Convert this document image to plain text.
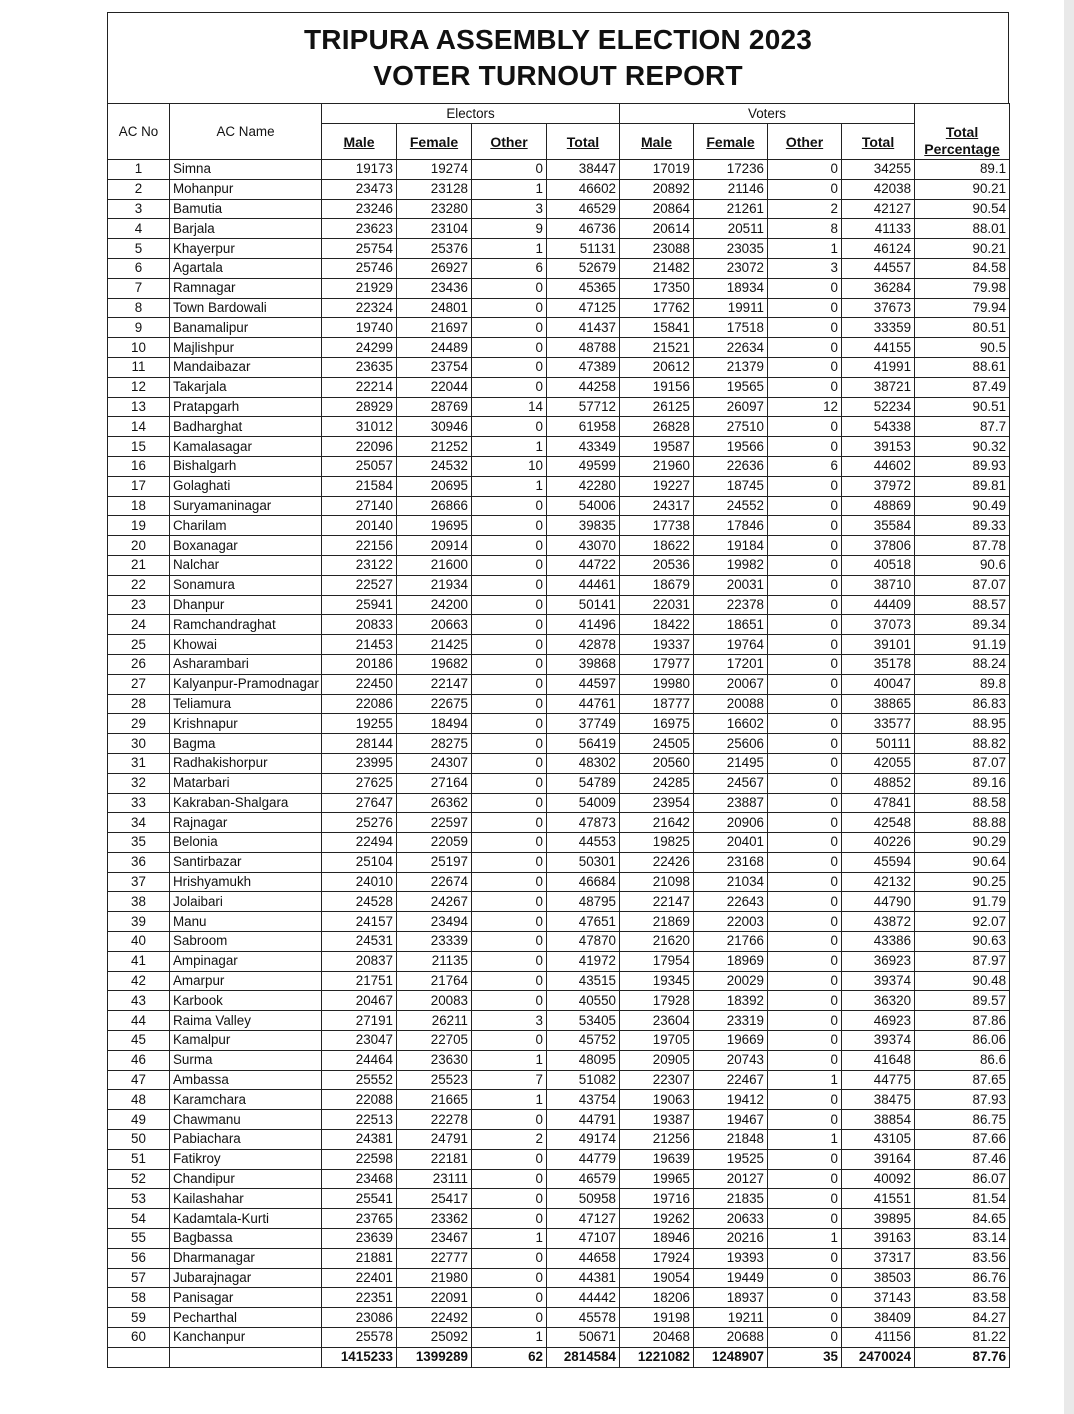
TRIPURA ASSEMBLY ELECTION 2023
VOTER TURNOUT REPORT
AC No	AC Name	Electors				Voters				
		Male	Female	Other	Total	Male	Female	Other	Total	Total Percentage
1	Simna	19173	19274	0	38447	17019	17236	0	34255	89.1
2	Mohanpur	23473	23128	1	46602	20892	21146	0	42038	90.21
3	Bamutia	23246	23280	3	46529	20864	21261	2	42127	90.54
4	Barjala	23623	23104	9	46736	20614	20511	8	41133	88.01
5	Khayerpur	25754	25376	1	51131	23088	23035	1	46124	90.21
6	Agartala	25746	26927	6	52679	21482	23072	3	44557	84.58
7	Ramnagar	21929	23436	0	45365	17350	18934	0	36284	79.98
8	Town Bardowali	22324	24801	0	47125	17762	19911	0	37673	79.94
9	Banamalipur	19740	21697	0	41437	15841	17518	0	33359	80.51
10	Majlishpur	24299	24489	0	48788	21521	22634	0	44155	90.5
11	Mandaibazar	23635	23754	0	47389	20612	21379	0	41991	88.61
12	Takarjala	22214	22044	0	44258	19156	19565	0	38721	87.49
13	Pratapgarh	28929	28769	14	57712	26125	26097	12	52234	90.51
14	Badharghat	31012	30946	0	61958	26828	27510	0	54338	87.7
15	Kamalasagar	22096	21252	1	43349	19587	19566	0	39153	90.32
16	Bishalgarh	25057	24532	10	49599	21960	22636	6	44602	89.93
17	Golaghati	21584	20695	1	42280	19227	18745	0	37972	89.81
18	Suryamaninagar	27140	26866	0	54006	24317	24552	0	48869	90.49
19	Charilam	20140	19695	0	39835	17738	17846	0	35584	89.33
20	Boxanagar	22156	20914	0	43070	18622	19184	0	37806	87.78
21	Nalchar	23122	21600	0	44722	20536	19982	0	40518	90.6
22	Sonamura	22527	21934	0	44461	18679	20031	0	38710	87.07
23	Dhanpur	25941	24200	0	50141	22031	22378	0	44409	88.57
24	Ramchandraghat	20833	20663	0	41496	18422	18651	0	37073	89.34
25	Khowai	21453	21425	0	42878	19337	19764	0	39101	91.19
26	Asharambari	20186	19682	0	39868	17977	17201	0	35178	88.24
27	Kalyanpur-Pramodnagar	22450	22147	0	44597	19980	20067	0	40047	89.8
28	Teliamura	22086	22675	0	44761	18777	20088	0	38865	86.83
29	Krishnapur	19255	18494	0	37749	16975	16602	0	33577	88.95
30	Bagma	28144	28275	0	56419	24505	25606	0	50111	88.82
31	Radhakishorpur	23995	24307	0	48302	20560	21495	0	42055	87.07
32	Matarbari	27625	27164	0	54789	24285	24567	0	48852	89.16
33	Kakraban-Shalgara	27647	26362	0	54009	23954	23887	0	47841	88.58
34	Rajnagar	25276	22597	0	47873	21642	20906	0	42548	88.88
35	Belonia	22494	22059	0	44553	19825	20401	0	40226	90.29
36	Santirbazar	25104	25197	0	50301	22426	23168	0	45594	90.64
37	Hrishyamukh	24010	22674	0	46684	21098	21034	0	42132	90.25
38	Jolaibari	24528	24267	0	48795	22147	22643	0	44790	91.79
39	Manu	24157	23494	0	47651	21869	22003	0	43872	92.07
40	Sabroom	24531	23339	0	47870	21620	21766	0	43386	90.63
41	Ampinagar	20837	21135	0	41972	17954	18969	0	36923	87.97
42	Amarpur	21751	21764	0	43515	19345	20029	0	39374	90.48
43	Karbook	20467	20083	0	40550	17928	18392	0	36320	89.57
44	Raima Valley	27191	26211	3	53405	23604	23319	0	46923	87.86
45	Kamalpur	23047	22705	0	45752	19705	19669	0	39374	86.06
46	Surma	24464	23630	1	48095	20905	20743	0	41648	86.6
47	Ambassa	25552	25523	7	51082	22307	22467	1	44775	87.65
48	Karamchara	22088	21665	1	43754	19063	19412	0	38475	87.93
49	Chawmanu	22513	22278	0	44791	19387	19467	0	38854	86.75
50	Pabiachara	24381	24791	2	49174	21256	21848	1	43105	87.66
51	Fatikroy	22598	22181	0	44779	19639	19525	0	39164	87.46
52	Chandipur	23468	23111	0	46579	19965	20127	0	40092	86.07
53	Kailashahar	25541	25417	0	50958	19716	21835	0	41551	81.54
54	Kadamtala-Kurti	23765	23362	0	47127	19262	20633	0	39895	84.65
55	Bagbassa	23639	23467	1	47107	18946	20216	1	39163	83.14
56	Dharmanagar	21881	22777	0	44658	17924	19393	0	37317	83.56
57	Jubarajnagar	22401	21980	0	44381	19054	19449	0	38503	86.76
58	Panisagar	22351	22091	0	44442	18206	18937	0	37143	83.58
59	Pecharthal	23086	22492	0	45578	19198	19211	0	38409	84.27
60	Kanchanpur	25578	25092	1	50671	20468	20688	0	41156	81.22
		1415233	1399289	62	2814584	1221082	1248907	35	2470024	87.76
